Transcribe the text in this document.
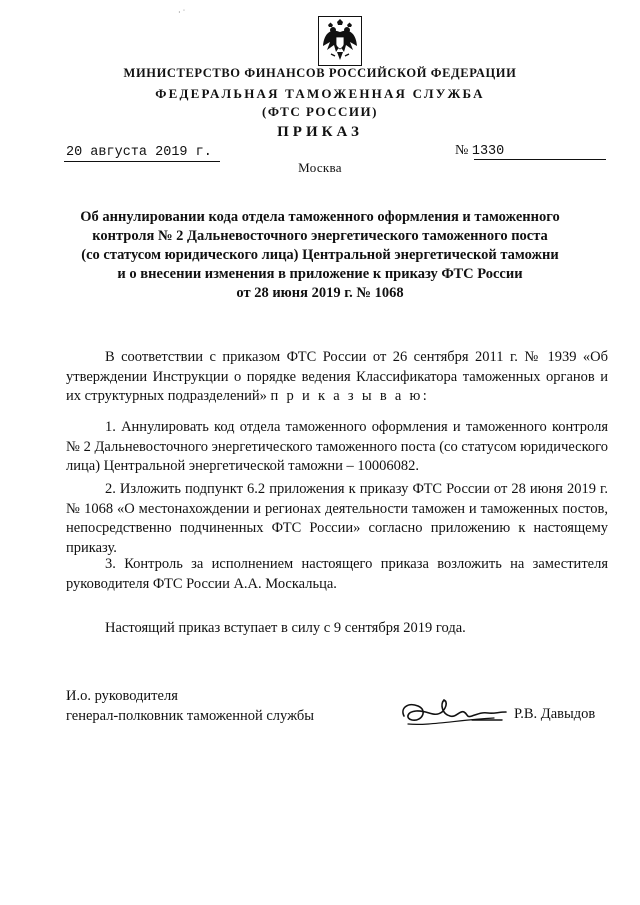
· ˙
МИНИСТЕРСТВО ФИНАНСОВ РОССИЙСКОЙ ФЕДЕРАЦИИ
ФЕДЕРАЛЬНАЯ ТАМОЖЕННАЯ СЛУЖБА
(ФТС РОССИИ)
ПРИКАЗ
20 августа 2019 г.	№ 1330
Москва
Об аннулировании кода отдела таможенного оформления и таможенного
контроля № 2 Дальневосточного энергетического таможенного поста
(со статусом юридического лица) Центральной энергетической таможни
и о внесении изменения в приложение к приказу ФТС России
от 28 июня 2019 г. № 1068
В соответствии с приказом ФТС России от 26 сентября 2011 г. № 1939 «Об утверждении Инструкции о порядке ведения Классификатора таможенных органов и их структурных подразделений» п р и к а з ы в а ю:
1. Аннулировать код отдела таможенного оформления и таможенного контроля № 2 Дальневосточного энергетического таможенного поста (со статусом юридического лица) Центральной энергетической таможни – 10006082.
2. Изложить подпункт 6.2 приложения к приказу ФТС России от 28 июня 2019 г. № 1068 «О местонахождении и регионах деятельности таможен и таможенных постов, непосредственно подчиненных ФТС России» согласно приложению к настоящему приказу.
3. Контроль за исполнением настоящего приказа возложить на заместителя руководителя ФТС России А.А. Москальца.
Настоящий приказ вступает в силу с 9 сентября 2019 года.
И.о. руководителя
генерал-полковник таможенной службы	Р.В. Давыдов
